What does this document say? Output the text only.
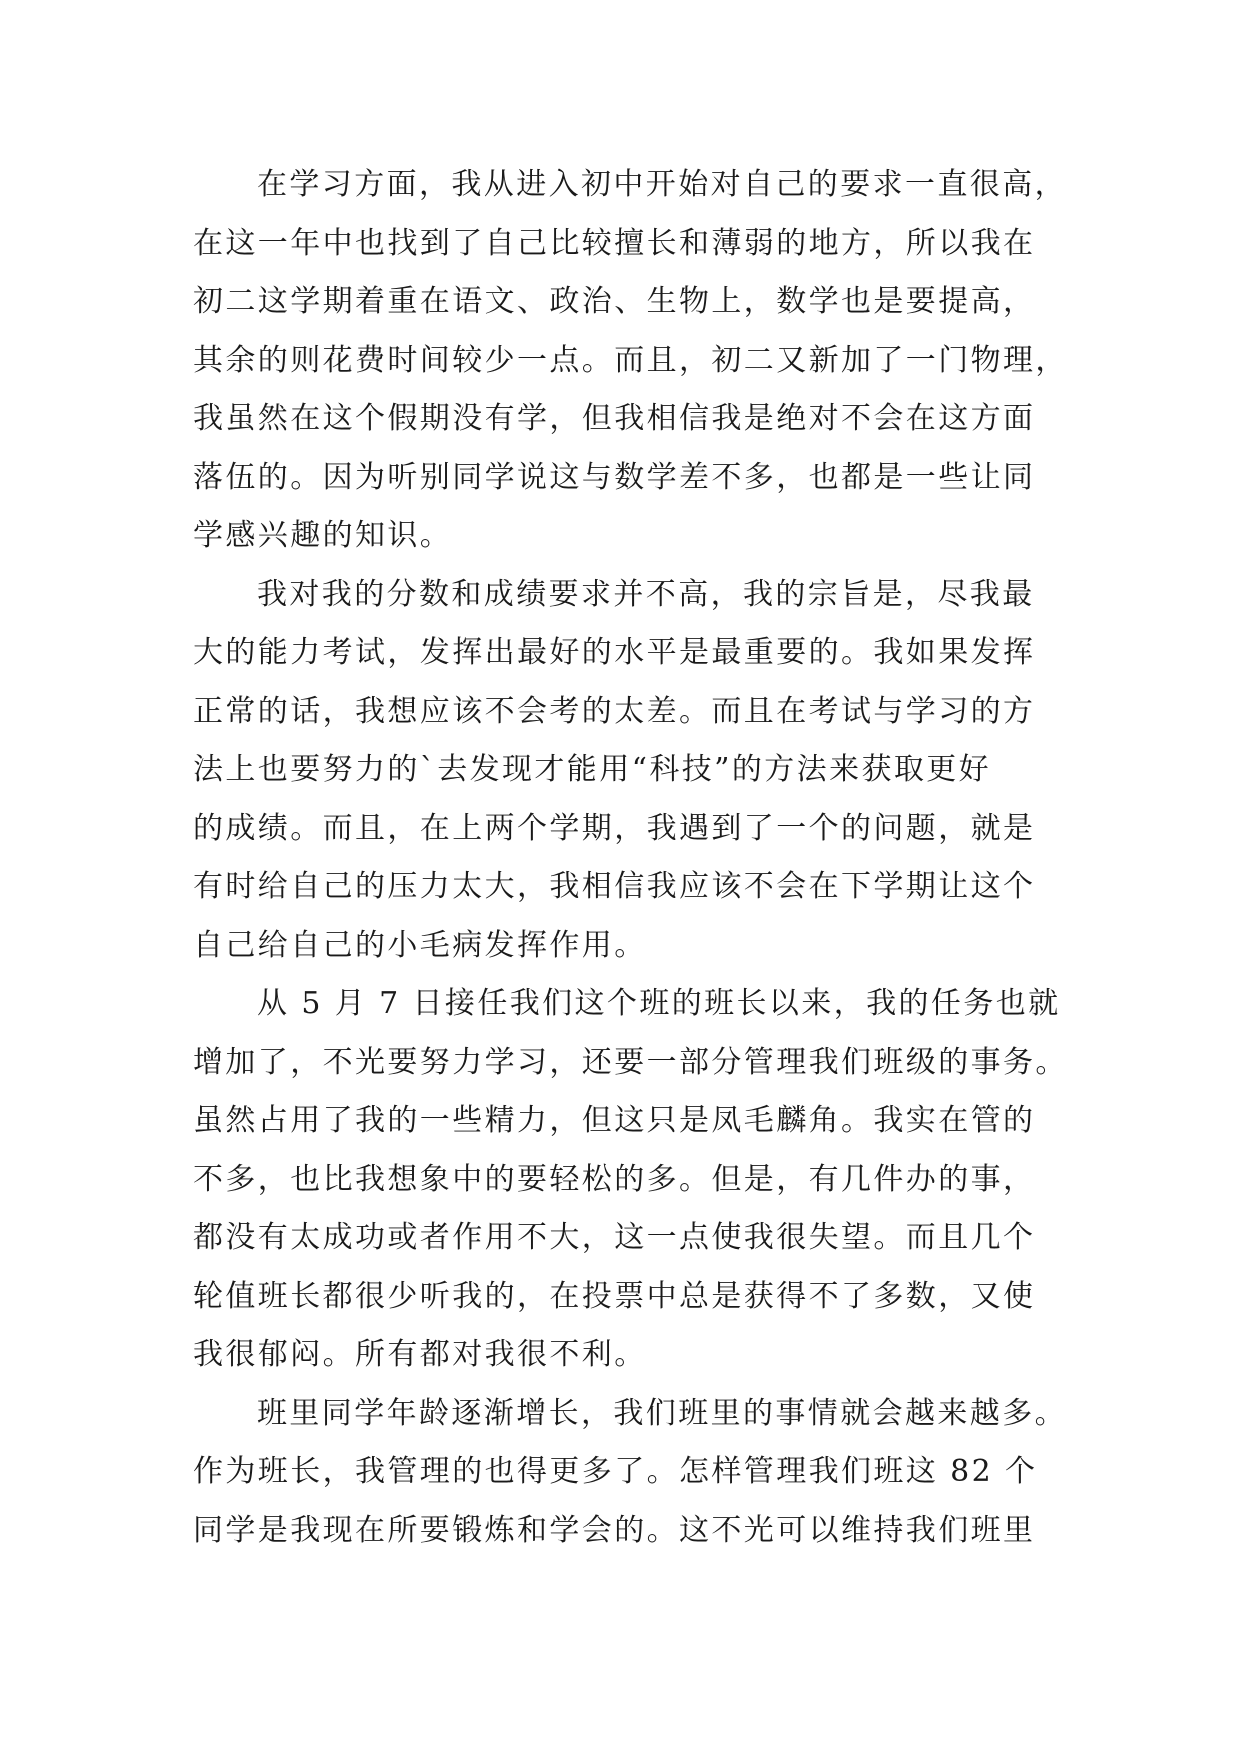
在学习方面，我从进入初中开始对自己的要求一直很高，
在这一年中也找到了自己比较擅长和薄弱的地方，所以我在
初二这学期着重在语文、政治、生物上，数学也是要提高，
其余的则花费时间较少一点。而且，初二又新加了一门物理，
我虽然在这个假期没有学，但我相信我是绝对不会在这方面
落伍的。因为听别同学说这与数学差不多，也都是一些让同
学感兴趣的知识。
我对我的分数和成绩要求并不高，我的宗旨是，尽我最
大的能力考试，发挥出最好的水平是最重要的。我如果发挥
正常的话，我想应该不会考的太差。而且在考试与学习的方
法上也要努力的`去发现才能用“科技”的方法来获取更好
的成绩。而且，在上两个学期，我遇到了一个的问题，就是
有时给自己的压力太大，我相信我应该不会在下学期让这个
自己给自己的小毛病发挥作用。
从 5 月 7 日接任我们这个班的班长以来，我的任务也就
增加了，不光要努力学习，还要一部分管理我们班级的事务。
虽然占用了我的一些精力，但这只是凤毛麟角。我实在管的
不多，也比我想象中的要轻松的多。但是，有几件办的事，
都没有太成功或者作用不大，这一点使我很失望。而且几个
轮值班长都很少听我的，在投票中总是获得不了多数，又使
我很郁闷。所有都对我很不利。
班里同学年龄逐渐增长，我们班里的事情就会越来越多。
作为班长，我管理的也得更多了。怎样管理我们班这 82 个
同学是我现在所要锻炼和学会的。这不光可以维持我们班里
